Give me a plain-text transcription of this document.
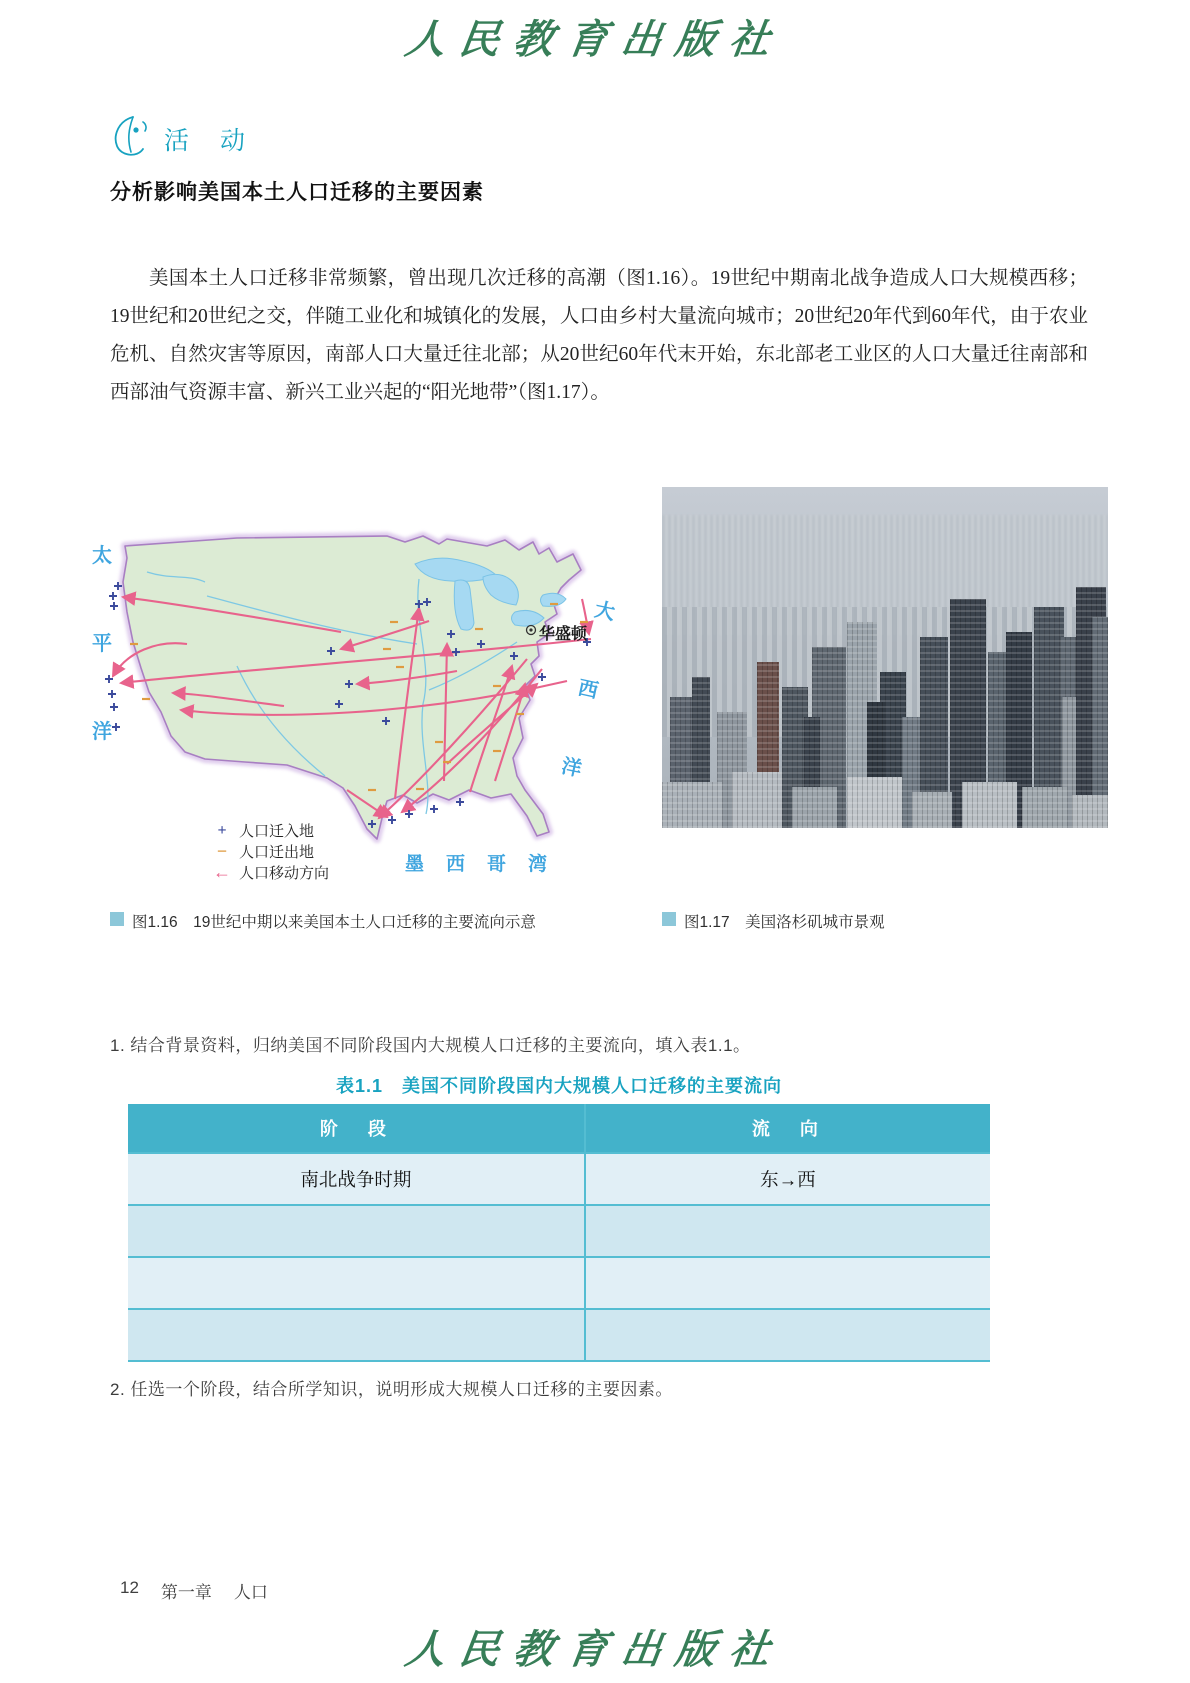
人民教育出版社
活 动
分析影响美国本土人口迁移的主要因素

美国本土人口迁移非常频繁，曾出现几次迁移的高潮（图1.16）。19世纪中期南北战争造成人口大规模西移；19世纪和20世纪之交，伴随工业化和城镇化的发展，人口由乡村大量流向城市；20世纪20年代到60年代，由于农业危机、自然灾害等原因，南部人口大量迁往北部；从20世纪60年代末开始，东北部老工业区的人口大量迁往南部和西部油气资源丰富、新兴工业兴起的“阳光地带”（图1.17）。

太平洋
大西洋
墨西哥湾
华盛顿
+ 人口迁入地
− 人口迁出地
← 人口移动方向
图1.16　19世纪中期以来美国本土人口迁移的主要流向示意	图1.17　美国洛杉矶城市景观
1. 结合背景资料，归纳美国不同阶段国内大规模人口迁移的主要流向，填入表1.1。
表1.1　美国不同阶段国内大规模人口迁移的主要流向
阶　段	流　向
南北战争时期	东→西

2. 任选一个阶段，结合所学知识，说明形成大规模人口迁移的主要因素。
12 第一章 人口
人民教育出版社
